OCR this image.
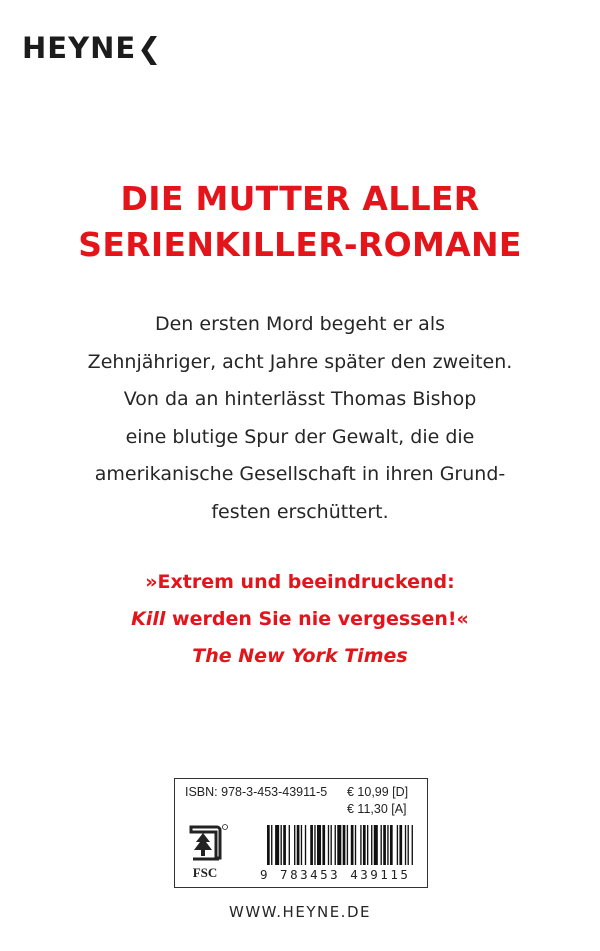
HEYNE❮
DIE MUTTER ALLER
SERIENKILLER-ROMANE
Den ersten Mord begeht er als
Zehnjähriger, acht Jahre später den zweiten.
Von da an hinterlässt Thomas Bishop
eine blutige Spur der Gewalt, die die
amerikanische Gesellschaft in ihren Grund-
festen erschüttert.
»Extrem und beeindruckend:
Kill werden Sie nie vergessen!«
The New York Times
ISBN: 978-3-453-43911-5 € 10,99 [D]
€ 11,30 [A]
FSC	9 783453 439115
WWW.HEYNE.DE
